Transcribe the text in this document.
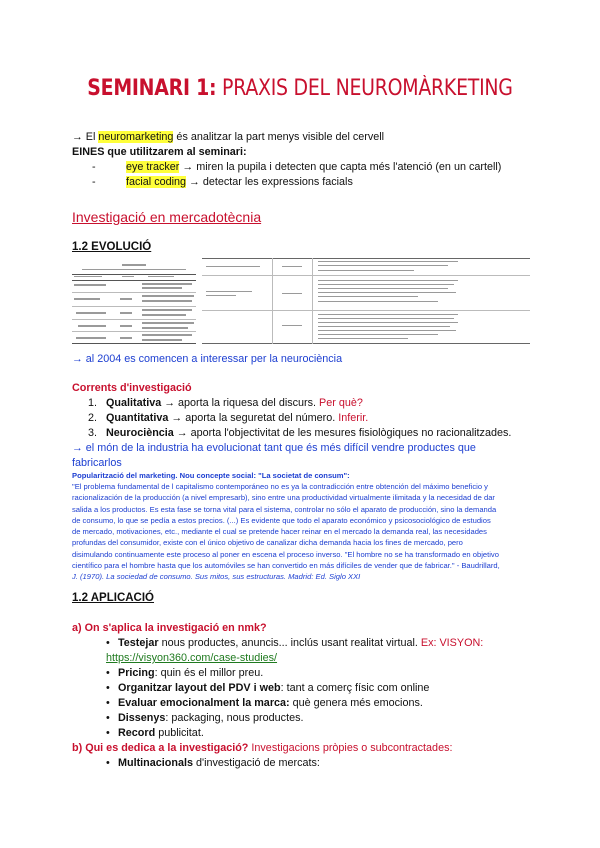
SEMINARI 1: PRAXIS DEL NEUROMÀRKETING
→ El neuromarketing és analitzar la part menys visible del cervell
EINES que utilitzarem al seminari:
-	eye tracker → miren la pupila i detecten que capta més l'atenció (en un cartell)
-	facial coding → detectar les expressions facials
Investigació en mercadotècnia
1.2 EVOLUCIÓ
→ al 2004 es comencen a interessar per la neurociència
Corrents d'investigació
1. Qualitativa → aporta la riquesa del discurs. Per què?
2. Quantitativa → aporta la seguretat del número. Inferir.
3. Neurociència → aporta l'objectivitat de les mesures fisiològiques no racionalitzades.
→ el món de la industria ha evolucionat tant que és més difícil vendre productes que
fabricarlos
Popularització del marketing. Nou concepte social: "La societat de consum":
"El problema fundamental de l capitalismo contemporáneo no es ya la contradicción entre obtención del máximo beneficio y
racionalización de la producción (a nivel empresarb), sino entre una productividad virtualmente ilimitada y la necesidad de dar
salida a los productos. Es esta fase se torna vital para el sistema, controlar no sólo el aparato de producción, sino la demanda
de consumo, lo que se pedía a estos precios. (...) Es evidente que todo el aparato económico y psicosociológico de estudios
de mercado, motivaciones, etc., mediante el cual se pretende hacer reinar en el mercado la demanda real, las necesidades
profundas del consumidor, existe con el único objetivo de canalizar dicha demanda hacia los fines de mercado, pero
disimulando continuamente este proceso al poner en escena el proceso inverso. "El hombre no se ha transformado en objetivo
científico para el hombre hasta que los automóviles se han convertido en más difíciles de vender que de fabricar." - Baudrillard,
J. (1970). La sociedad de consumo. Sus mitos, sus estructuras. Madrid: Ed. Siglo XXI
1.2 APLICACIÓ
a) On s'aplica la investigació en nmk?
• Testejar nous productes, anuncis... inclús usant realitat virtual. Ex: VISYON:
https://visyon360.com/case-studies/
• Pricing: quin és el millor preu.
• Organitzar layout del PDV i web: tant a comerç físic com online
• Evaluar emocionalment la marca: què genera més emocions.
• Dissenys: packaging, nous productes.
• Record publicitat.
b) Qui es dedica a la investigació? Investigacions pròpies o subcontractades:
• Multinacionals d'investigació de mercats:
